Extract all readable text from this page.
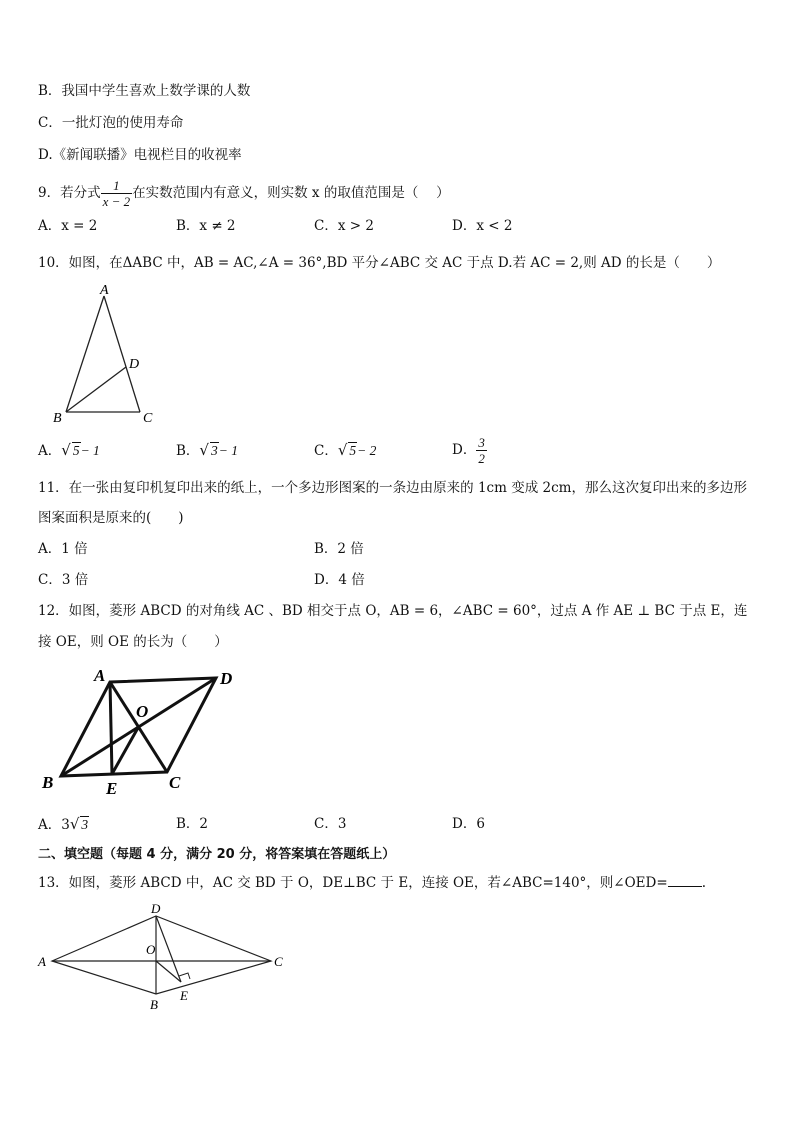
B．我国中学生喜欢上数学课的人数
C．一批灯泡的使用寿命
D.《新闻联播》电视栏目的收视率
9．若分式 $\frac{1}{x - 2}$ 在实数范围内有意义，则实数 x 的取值范围是（　 ）
A．x = 2	B．x ≠ 2	C．x > 2	D．x < 2
10．如图，在ΔABC 中，AB = AC,∠A = 36°,BD 平分∠ABC 交 AC 于点 D.若 AC = 2,则 AD 的长是（　　）
A
B	C
D
A．√ 5− 1	B．√ 3− 1	C．√ 5− 2	D． $\frac{3}{2}$
11．在一张由复印机复印出来的纸上，一个多边形图案的一条边由原来的 1cm 变成 2cm，那么这次复印出来的多边形
图案面积是原来的(　　)
A．1 倍	B．2 倍
C．3 倍	D．4 倍
12．如图，菱形 ABCD 的对角线 AC 、BD 相交于点 O，AB = 6，∠ABC = 60°，过点 A 作 AE ⊥ BC 于点 E，连
接 OE，则 OE 的长为（　　）
A	D
O
B	E	C
A．3√ 3	B．2	C．3	D．6
二、填空题（每题 4 分，满分 20 分，将答案填在答题纸上）
13．如图，菱形 ABCD 中，AC 交 BD 于 O，DE⊥BC 于 E，连接 OE，若∠ABC=140°，则∠OED=	.
D
O
A	C
B
E
